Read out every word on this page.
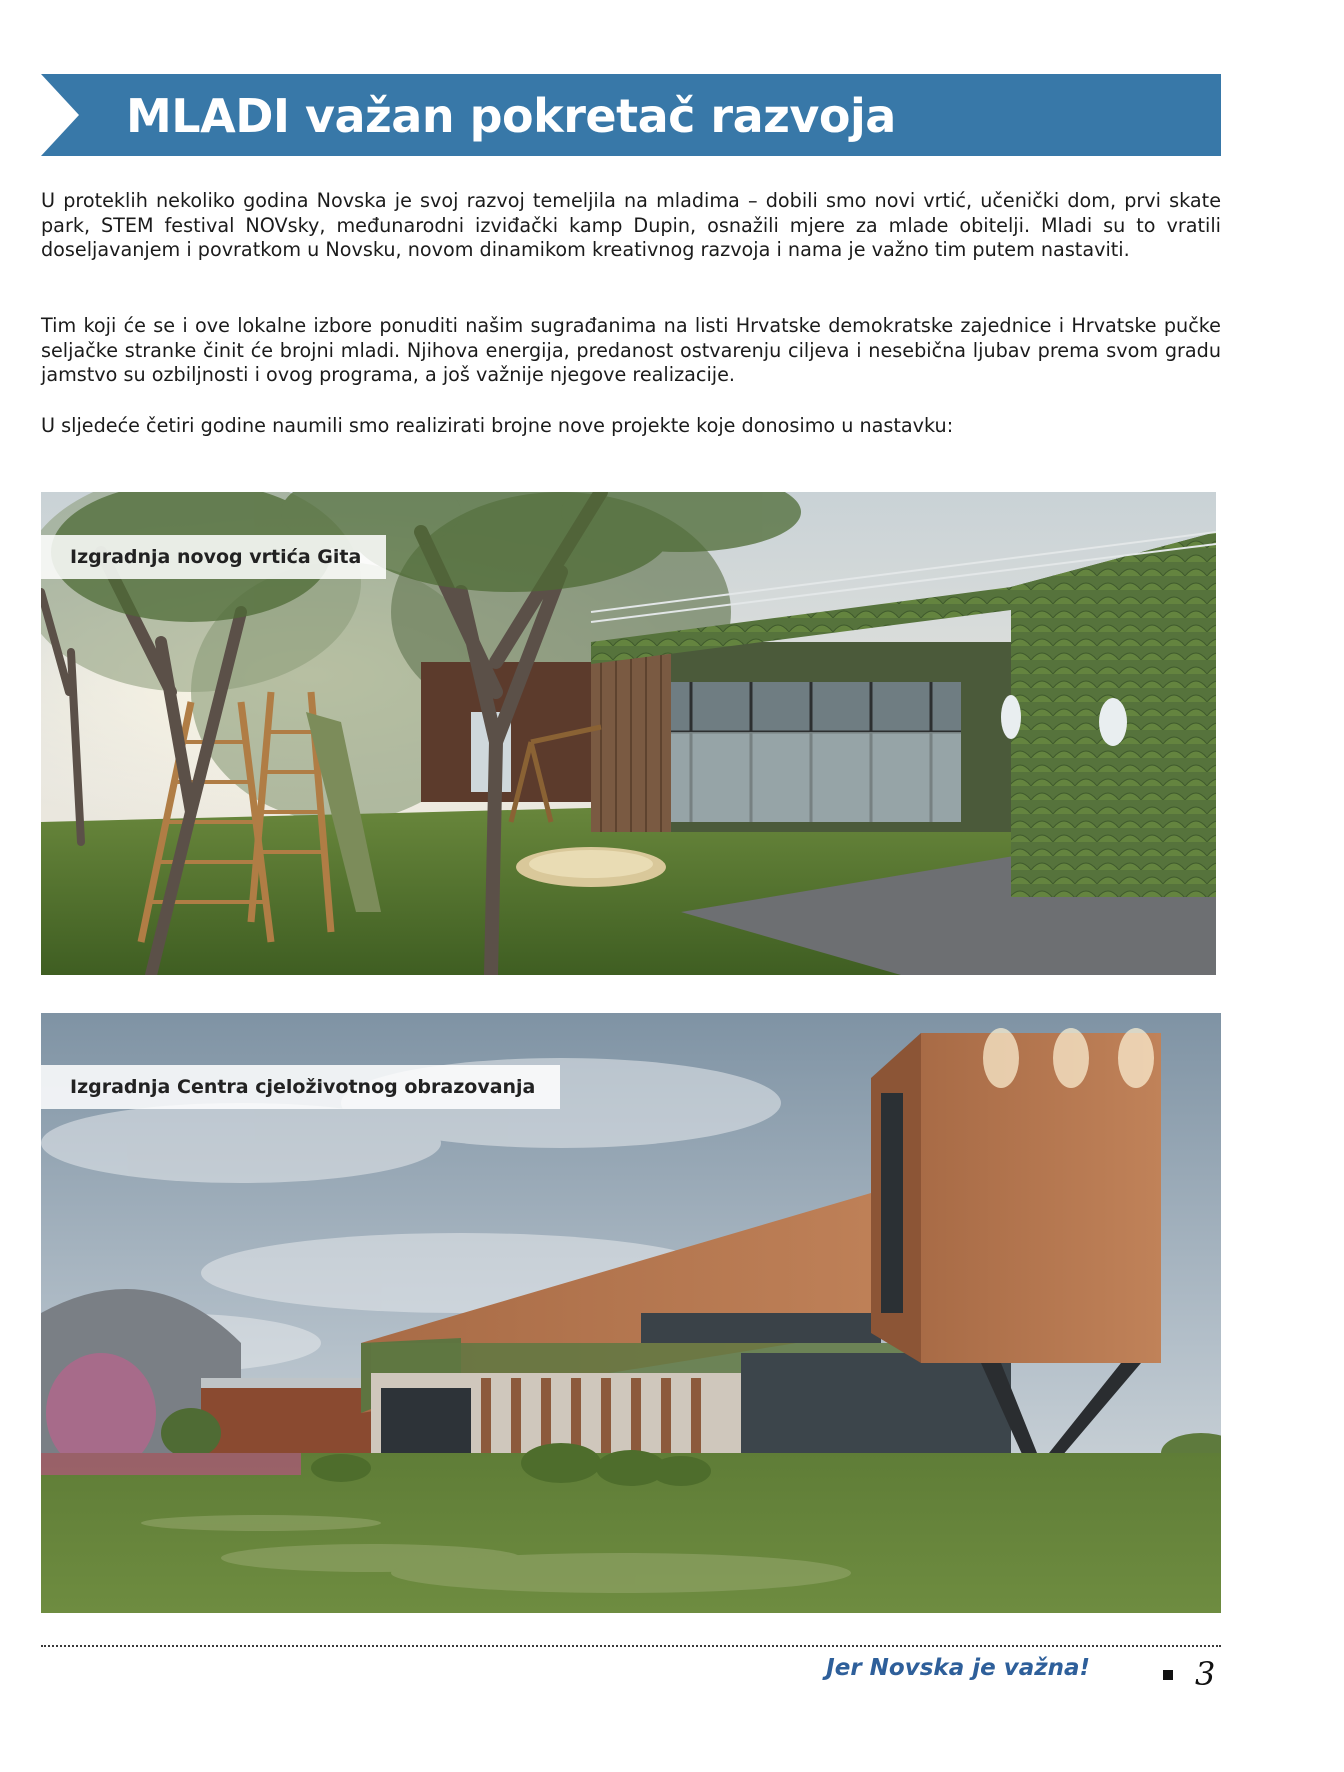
MLADI važan pokretač razvoja

U proteklih nekoliko godina Novska je svoj razvoj temeljila na mladima – dobili smo novi vrtić, učenički dom, prvi skate park, STEM festival NOVsky, međunarodni izviđački kamp Dupin, osnažili mjere za mlade obitelji. Mladi su to vratili doseljavanjem i povratkom u Novsku, novom dinamikom kreativnog razvoja i nama je važno tim putem nastaviti.

Tim koji će se i ove lokalne izbore ponuditi našim sugrađanima na listi Hrvatske demokratske zajednice i Hrvatske pučke seljačke stranke činit će brojni mladi. Njihova energija, predanost ostvarenju ciljeva i nesebična ljubav prema svom gradu jamstvo su ozbiljnosti i ovog programa, a još važnije njegove realizacije.

U sljedeće četiri godine naumili smo realizirati brojne nove projekte koje donosimo u nastavku:

Izgradnja novog vrtića Gita
Izgradnja Centra cjeloživotnog obrazovanja
Jer Novska je važna!	3
